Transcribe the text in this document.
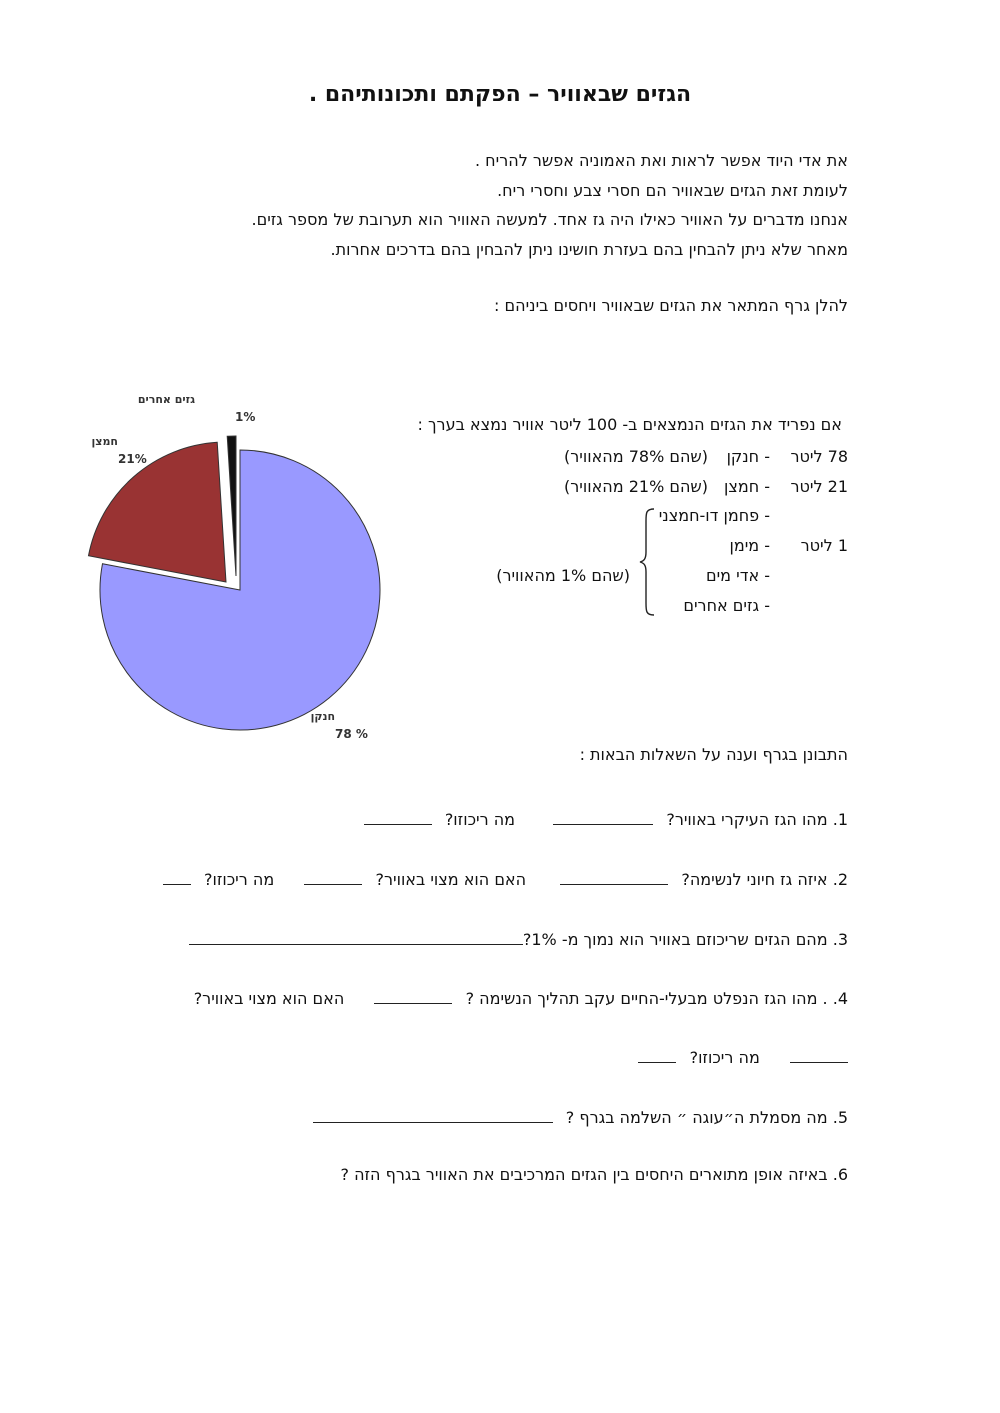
הגזים שבאוויר – הפקתם ותכונותיהם .
את אדי היוד אפשר לראות ואת האמוניה אפשר להריח .
לעומת זאת הגזים שבאוויר הם חסרי צבע וחסרי ריח.
אנחנו מדברים על האוויר כאילו היה גז אחד. למעשה האוויר הוא תערובת של מספר גזים.
מאחר שלא ניתן להבחין בהם בעזרת חושינו ניתן להבחין בהם בדרכים אחרות.
להלן גרף המתאר את הגזים שבאוויר ויחסים ביניהם :
חנקן
78 %
חמצן
21%
גזים אחרים
1%	אם נפריד את הגזים הנמצאים ב- 100 ליטר אוויר נמצא בערך :
78 ליטר
- חנקן
(שהם 78% מהאוויר)
21 ליטר
- חמצן
(שהם 21% מהאוויר)
- פחמן דו-חמצני
1 ליטר
- מימן
- אדי מים
(שהם 1% מהאוויר)
- גזים אחרים
התבונן בגרף וענה על השאלות הבאות :
1. מהו הגז העיקרי באוויר?   מה ריכוזו?
2. איזה גז חיוני לנשימה?   האם הוא מצוי באוויר?   מה ריכוזו?
3. מהם הגזים שריכוזם באוויר הוא נמוך מ- 1%?
4. . מהו הגז הנפלט מבעלי-החיים עקב תהליך הנשימה ?   האם הוא מצוי באוויר?
מה ריכוזו?
5. מה מסמלת ה״עוגה ״ השלמה בגרף ?
6. באיזה אופן מתוארים היחסים בין הגזים המרכיבים את האוויר בגרף הזה ?
